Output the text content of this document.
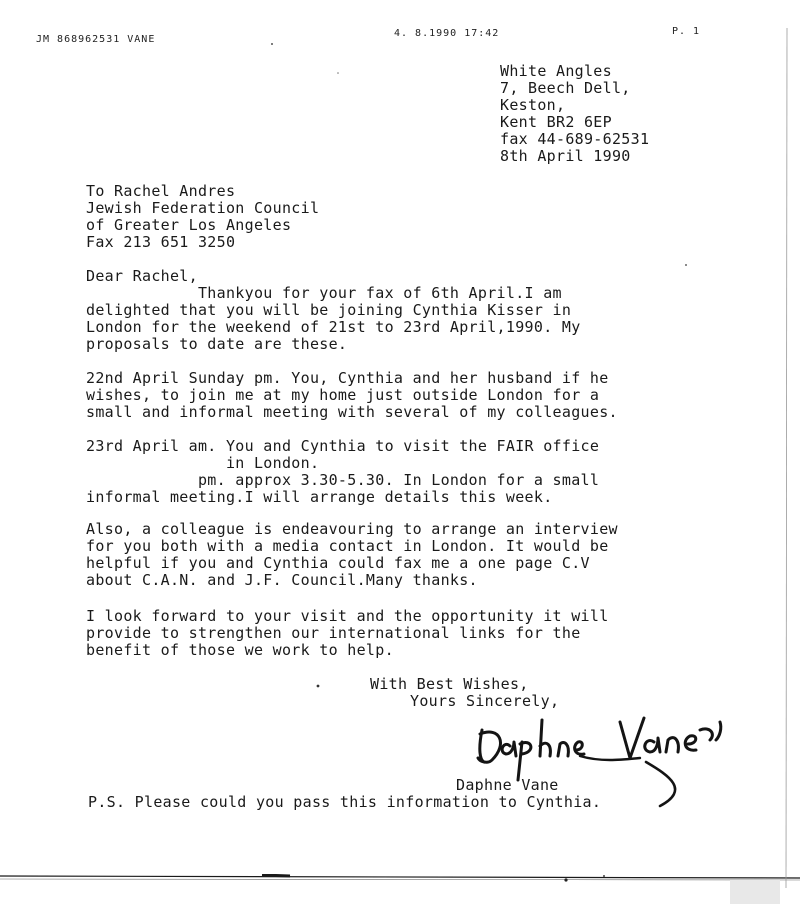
JM 868962531 VANE
4. 8.1990 17:42	P. 1
White Angles
7, Beech Dell,
Keston,
Kent BR2 6EP
fax 44-689-62531
8th April 1990
To Rachel Andres
Jewish Federation Council
of Greater Los Angeles
Fax 213 651 3250
Dear Rachel,
Thankyou for your fax of 6th April.I am
delighted that you will be joining Cynthia Kisser in
London for the weekend of 21st to 23rd April,1990. My
proposals to date are these.
22nd April Sunday pm. You, Cynthia and her husband if he
wishes, to join me at my home just outside London for a
small and informal meeting with several of my colleagues.
23rd April am. You and Cynthia to visit the FAIR office
in London.
pm. approx 3.30-5.30. In London for a small
informal meeting.I will arrange details this week.
Also, a colleague is endeavouring to arrange an interview
for you both with a media contact in London. It would be
helpful if you and Cynthia could fax me a one page C.V
about C.A.N. and J.F. Council.Many thanks.
I look forward to your visit and the opportunity it will
provide to strengthen our international links for the
benefit of those we work to help.
With Best Wishes,
Yours Sincerely,
Daphne Vane
P.S. Please could you pass this information to Cynthia.
